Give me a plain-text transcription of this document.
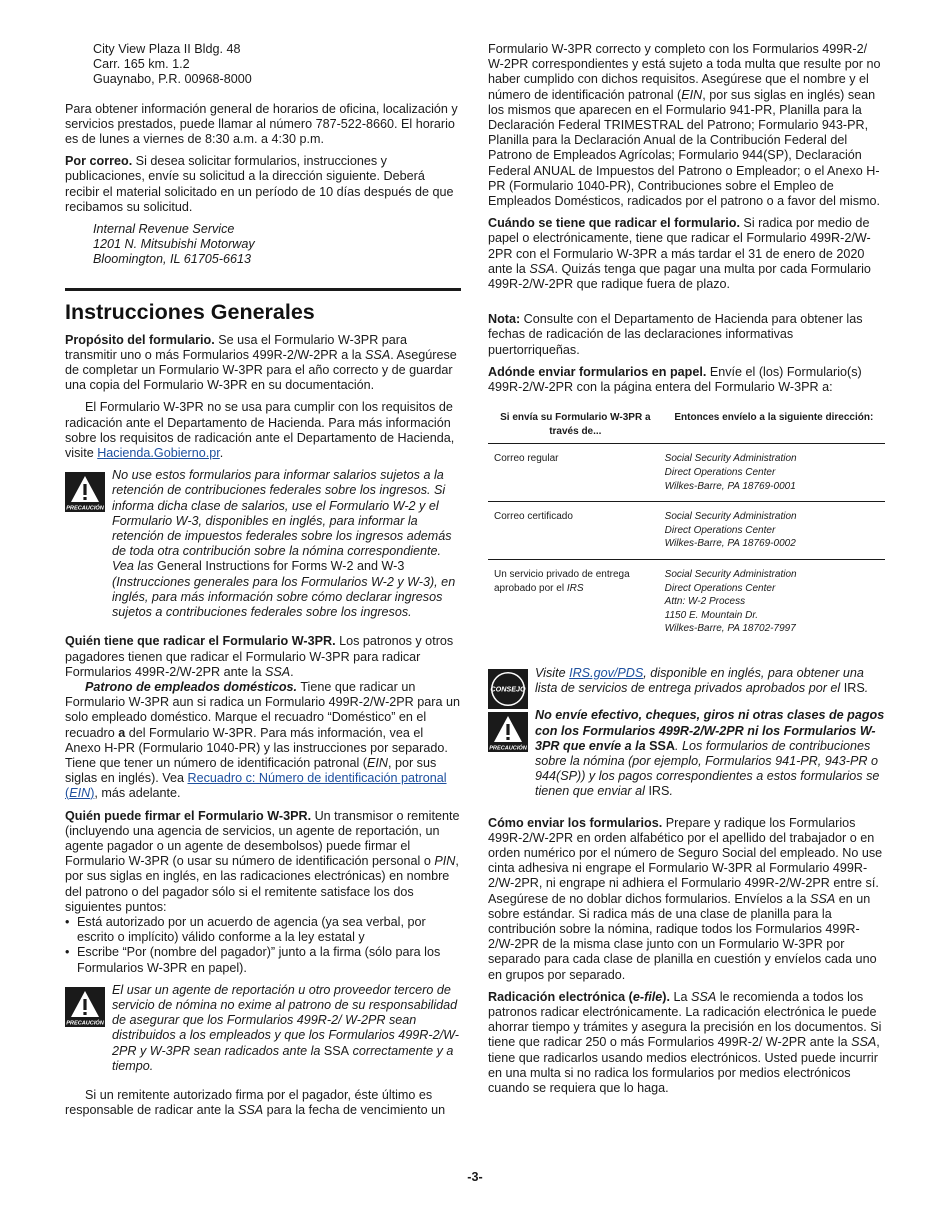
City View Plaza II Bldg. 48
Carr. 165 km. 1.2
Guaynabo, P.R. 00968-8000

Para obtener información general de horarios de oficina, localización y servicios prestados, puede llamar al número 787-522-8660. El horario es de lunes a viernes de 8:30 a.m. a 4:30 p.m.

Por correo. Si desea solicitar formularios, instrucciones y publicaciones, envíe su solicitud a la dirección siguiente. Deberá recibir el material solicitado en un período de 10 días después de que recibamos su solicitud.

Internal Revenue Service
1201 N. Mitsubishi Motorway
Bloomington, IL 61705-6613
Instrucciones Generales

Propósito del formulario. Se usa el Formulario W-3PR para transmitir uno o más Formularios 499R-2/W-2PR a la SSA. Asegúrese de completar un Formulario W-3PR para el año correcto y de guardar una copia del Formulario W-3PR en su documentación.

El Formulario W-3PR no se usa para cumplir con los requisitos de radicación ante el Departamento de Hacienda. Para más información sobre los requisitos de radicación ante el Departamento de Hacienda, visite Hacienda.Gobierno.pr.

PRECAUCIÓN
No use estos formularios para informar salarios sujetos a la retención de contribuciones federales sobre los ingresos. Si informa dicha clase de salarios, use el Formulario W-2 y el Formulario W-3, disponibles en inglés, para informar la retención de impuestos federales sobre los ingresos además de toda otra contribución sobre la nómina correspondiente. Vea las General Instructions for Forms W-2 and W-3 (Instrucciones generales para los Formularios W-2 y W-3), en inglés, para más información sobre cómo declarar ingresos sujetos a contribuciones federales sobre los ingresos.

Quién tiene que radicar el Formulario W-3PR. Los patronos y otros pagadores tienen que radicar el Formulario W-3PR para radicar Formularios 499R-2/W-2PR ante la SSA.

Patrono de empleados domésticos. Tiene que radicar un Formulario W-3PR aun si radica un Formulario 499R-2/W-2PR para un solo empleado doméstico. Marque el recuadro “Doméstico” en el recuadro a del Formulario W-3PR. Para más información, vea el Anexo H-PR (Formulario 1040-PR) y las instrucciones por separado. Tiene que tener un número de identificación patronal (EIN, por sus siglas en inglés). Vea Recuadro c: Número de identificación patronal (EIN), más adelante.

Quién puede firmar el Formulario W-3PR. Un transmisor o remitente (incluyendo una agencia de servicios, un agente de reportación, un agente pagador o un agente de desembolsos) puede firmar el Formulario W-3PR (o usar su número de identificación personal o PIN, por sus siglas en inglés, en las radicaciones electrónicas) en nombre del patrono o del pagador sólo si el remitente satisface los dos siguientes puntos:

• Está autorizado por un acuerdo de agencia (ya sea verbal, por escrito o implícito) válido conforme a la ley estatal y
• Escribe “Por (nombre del pagador)” junto a la firma (sólo para los Formularios W-3PR en papel).
PRECAUCIÓN
El usar un agente de reportación u otro proveedor tercero de servicio de nómina no exime al patrono de su responsabilidad de asegurar que los Formularios 499R-2/ W-2PR sean distribuidos a los empleados y que los Formularios 499R-2/W-2PR y W-3PR sean radicados ante la SSA correctamente y a tiempo.

Si un remitente autorizado firma por el pagador, éste último es responsable de radicar ante la SSA para la fecha de vencimiento un

Formulario W-3PR correcto y completo con los Formularios 499R-2/ W-2PR correspondientes y está sujeto a toda multa que resulte por no haber cumplido con dichos requisitos. Asegúrese que el nombre y el número de identificación patronal (EIN, por sus siglas en inglés) sean los mismos que aparecen en el Formulario 941-PR, Planilla para la Declaración Federal TRIMESTRAL del Patrono; Formulario 943-PR, Planilla para la Declaración Anual de la Contribución Federal del Patrono de Empleados Agrícolas; Formulario 944(SP), Declaración Federal ANUAL de Impuestos del Patrono o Empleador; o el Anexo H-PR (Formulario 1040-PR), Contribuciones sobre el Empleo de Empleados Domésticos, radicados por el patrono o a favor del mismo.

Cuándo se tiene que radicar el formulario. Si radica por medio de papel o electrónicamente, tiene que radicar el Formulario 499R-2/W-2PR con el Formulario W-3PR a más tardar el 31 de enero de 2020 ante la SSA. Quizás tenga que pagar una multa por cada Formulario 499R-2/W-2PR que radique fuera de plazo.

Nota: Consulte con el Departamento de Hacienda para obtener las fechas de radicación de las declaraciones informativas puertorriqueñas.

Adónde enviar formularios en papel. Envíe el (los) Formulario(s) 499R-2/W-2PR con la página entera del Formulario W-3PR a:

Si envía su Formulario W-3PR a través de...	Entonces envíelo a la siguiente dirección:
Correo regular	Social Security Administration
Direct Operations Center
Wilkes-Barre, PA 18769-0001

Correo certificado	Social Security Administration
Direct Operations Center
Wilkes-Barre, PA 18769-0002

Un servicio privado de entrega aprobado por el IRS	Social Security Administration
Direct Operations Center
Attn: W-2 Process
1150 E. Mountain Dr.
Wilkes-Barre, PA 18702-7997
CONSEJO
Visite IRS.gov/PDS, disponible en inglés, para obtener una lista de servicios de entrega privados aprobados por el IRS.
PRECAUCIÓN
No envíe efectivo, cheques, giros ni otras clases de pagos con los Formularios 499R-2/W-2PR ni los Formularios W-3PR que envíe a la SSA. Los formularios de contribuciones sobre la nómina (por ejemplo, Formularios 941-PR, 943-PR o 944(SP)) y los pagos correspondientes a estos formularios se tienen que enviar al IRS.

Cómo enviar los formularios. Prepare y radique los Formularios 499R-2/W-2PR en orden alfabético por el apellido del trabajador o en orden numérico por el número de Seguro Social del empleado. No use cinta adhesiva ni engrape el Formulario W-3PR al Formulario 499R-2/W-2PR, ni engrape ni adhiera el Formulario 499R-2/W-2PR entre sí. Asegúrese de no doblar dichos formularios. Envíelos a la SSA en un sobre estándar. Si radica más de una clase de planilla para la contribución sobre la nómina, radique todos los Formularios 499R-2/W-2PR de la misma clase junto con un Formulario W-3PR por separado para cada clase de planilla en cuestión y envíelos cada uno en grupos por separado.

Radicación electrónica (e-file). La SSA le recomienda a todos los patronos radicar electrónicamente. La radicación electrónica le puede ahorrar tiempo y trámites y asegura la precisión en los documentos. Si tiene que radicar 250 o más Formularios 499R-2/ W-2PR ante la SSA, tiene que radicarlos usando medios electrónicos. Usted puede incurrir en una multa si no radica los formularios por medios electrónicos cuando se requiera que lo haga.

-3-
